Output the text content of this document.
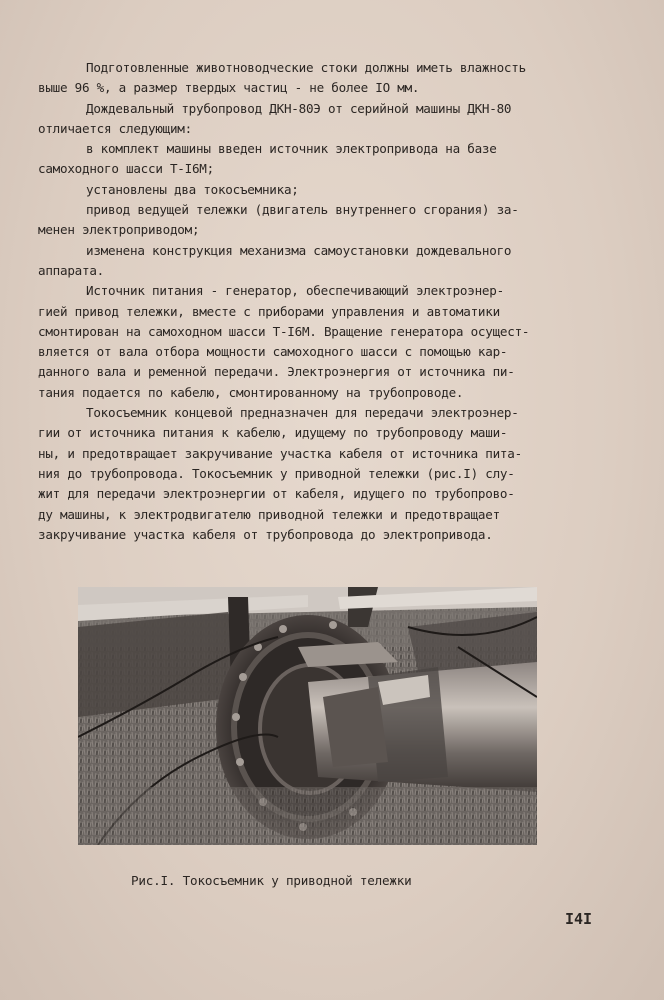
Подготовленные животноводческие стоки должны иметь влажность
выше 96 %, а размер твердых частиц - не более IO мм.

Дождевальный трубопровод ДКН-80Э от серийной машины ДКН-80
отличается следующим:

в комплект машины введен источник электропривода на базе
самоходного шасси Т-I6М;

установлены два токосъемника;

привод ведущей тележки (двигатель внутреннего сгорания) за-
менен электроприводом;

изменена конструкция механизма самоустановки дождевального
аппарата.

Источник питания - генератор, обеспечивающий электроэнер-
гией привод тележки, вместе с приборами управления и автоматики
смонтирован на самоходном шасси Т-I6М. Вращение генератора осущест-
вляется от вала отбора мощности самоходного шасси с помощью кар-
данного вала и ременной передачи. Электроэнергия от источника пи-
тания подается по кабелю, смонтированному на трубопроводе.

Токосъемник концевой предназначен для передачи электроэнер-
гии от источника питания к кабелю, идущему по трубопроводу маши-
ны, и предотвращает закручивание участка кабеля от источника пита-
ния до трубопровода. Токосъемник у приводной тележки (рис.I) слу-
жит для передачи электроэнергии от кабеля, идущего по трубопрово-
ду машины, к электродвигателю приводной тележки и предотвращает
закручивание участка кабеля от трубопровода до электропривода.

Рис.I. Токосъемник у приводной тележки
I4I
